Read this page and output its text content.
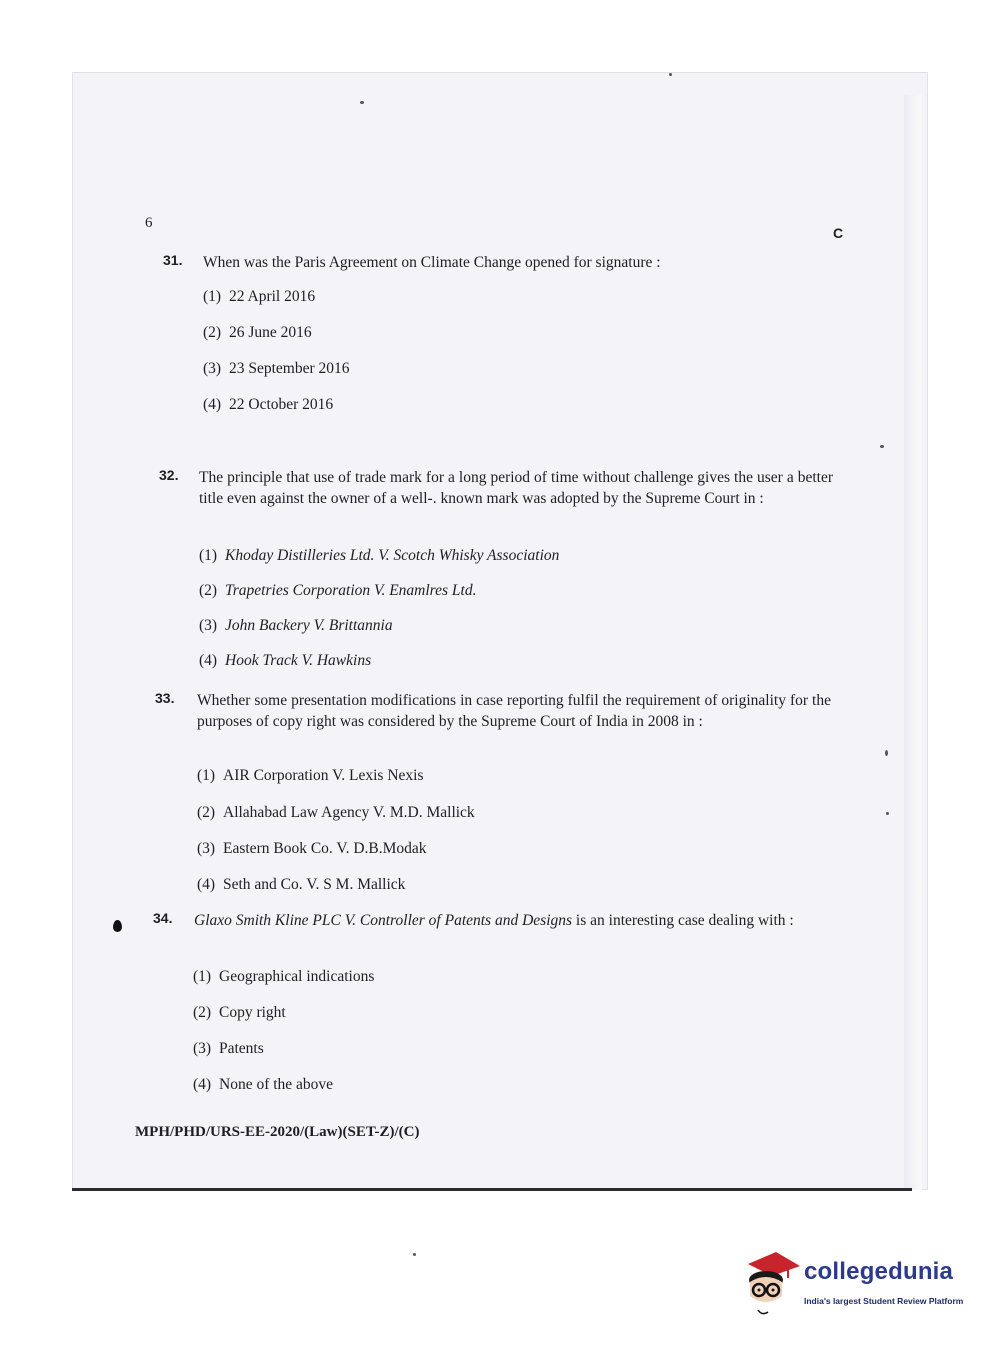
6
C
31.	When was the Paris Agreement on Climate Change opened for signature :
(1) 22 April 2016
(2) 26 June 2016
(3) 23 September 2016
(4) 22 October 2016
32.	The principle that use of trade mark for a long period of time without challenge gives the user a better title even against the owner of a well-. known mark was adopted by the Supreme Court in :
(1) Khoday Distilleries Ltd. V. Scotch Whisky Association
(2) Trapetries Corporation V. Enamlres Ltd.
(3) John Backery V. Brittannia
(4) Hook Track V. Hawkins
33.	Whether some presentation modifications in case reporting fulfil the requirement of originality for the purposes of copy right was considered by the Supreme Court of India in 2008 in :
(1) AIR Corporation V. Lexis Nexis
(2) Allahabad Law Agency V. M.D. Mallick
(3) Eastern Book Co. V. D.B.Modak
(4) Seth and Co. V. S M. Mallick
34.	Glaxo Smith Kline PLC V. Controller of Patents and Designs is an interesting case dealing with :
(1) Geographical indications
(2) Copy right
(3) Patents
(4) None of the above
MPH/PHD/URS-EE-2020/(Law)(SET-Z)/(C)
collegedunia
India's largest Student Review Platform
